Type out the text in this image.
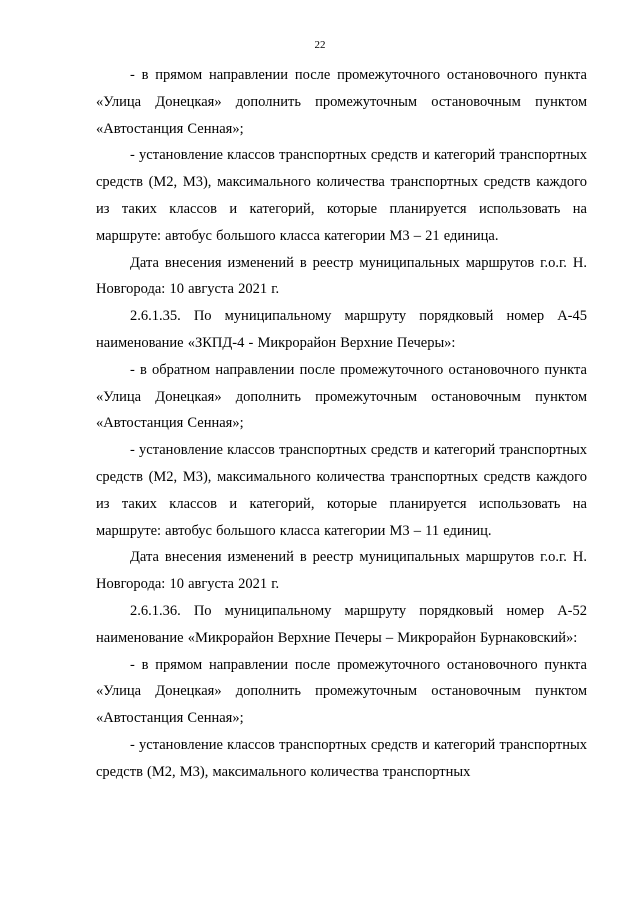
22

- в прямом направлении после промежуточного остановочного пункта «Улица Донецкая» дополнить промежуточным остановочным пунктом «Автостанция Сенная»;

- установление классов транспортных средств и категорий транспортных средств (М2, М3), максимального количества транспортных средств каждого из таких классов и категорий, которые планируется использовать на маршруте: автобус большого класса категории М3 – 21 единица.

Дата внесения изменений в реестр муниципальных маршрутов г.о.г. Н. Новгорода: 10 августа 2021 г.

2.6.1.35. По муниципальному маршруту порядковый номер А-45 наименование «ЗКПД-4 - Микрорайон Верхние Печеры»:

- в обратном направлении после промежуточного остановочного пункта «Улица Донецкая» дополнить промежуточным остановочным пунктом «Автостанция Сенная»;

- установление классов транспортных средств и категорий транспортных средств (М2, М3), максимального количества транспортных средств каждого из таких классов и категорий, которые планируется использовать на маршруте: автобус большого класса категории М3 – 11 единиц.

Дата внесения изменений в реестр муниципальных маршрутов г.о.г. Н. Новгорода: 10 августа 2021 г.

2.6.1.36. По муниципальному маршруту порядковый номер А-52 наименование «Микрорайон Верхние Печеры – Микрорайон Бурнаковский»:

- в прямом направлении после промежуточного остановочного пункта «Улица Донецкая» дополнить промежуточным остановочным пунктом «Автостанция Сенная»;

- установление классов транспортных средств и категорий транспортных средств (М2, М3), максимального количества транспортных
